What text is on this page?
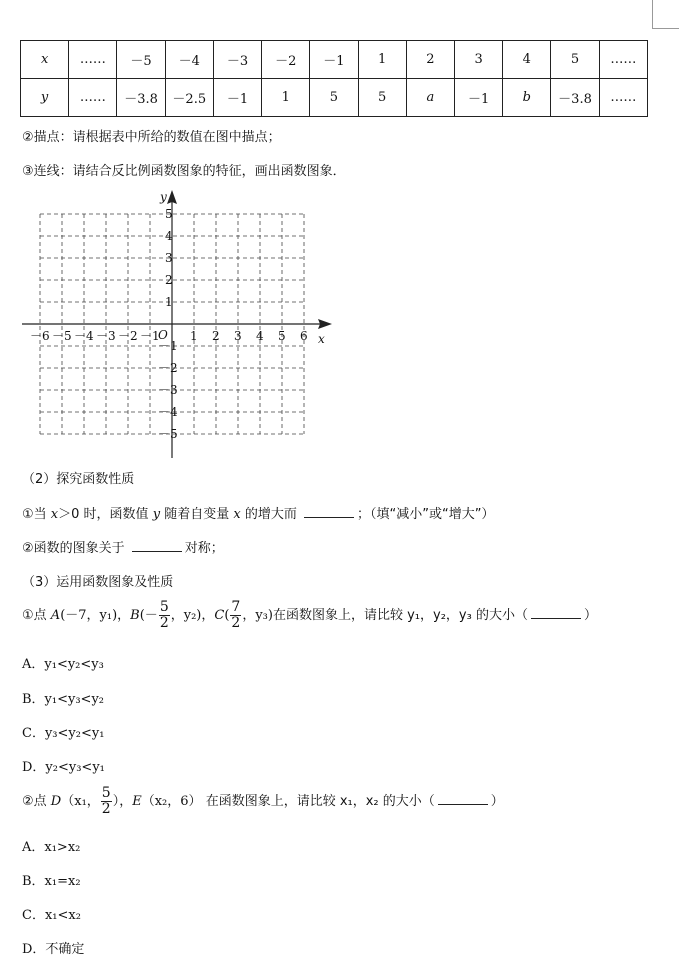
x	……	－5	－4	－3	－2	－1	1	2	3	4	5	……
y	……	－3.8	－2.5	－1	1	5	5	a	－1	b	－3.8	……
②描点：请根据表中所给的数值在图中描点；
③连线：请结合反比例函数图象的特征，画出函数图象．
y
x
O
－6 －5 －4 －3 －2 －1	1 2 3 4 5 6
5
4
3
2
1
－1
－2
－3
－4
－5
（2）探究函数性质
①当 x＞0 时，函数值 y 随着自变量 x 的增大而	；（填“减小”或“增大”）
②函数的图象关于	对称；
（3）运用函数图象及性质
①点 A(－7，y₁)，$B(- \frac{5}{2}$ ，y₂)，$C( \frac{7}{2}$ ，y₃)在函数图象上，请比较 y₁，y₂，y₃ 的大小（	）
A．y₁<y₂<y₃
B．y₁<y₃<y₂
C．y₃<y₂<y₁
D．y₂<y₃<y₁
②点 D（x₁， $\frac{5}{2}$ ），E（x₂，6） 在函数图象上，请比较 x₁，x₂ 的大小（	）
A．x₁>x₂
B．x₁=x₂
C．x₁<x₂
D．不确定
